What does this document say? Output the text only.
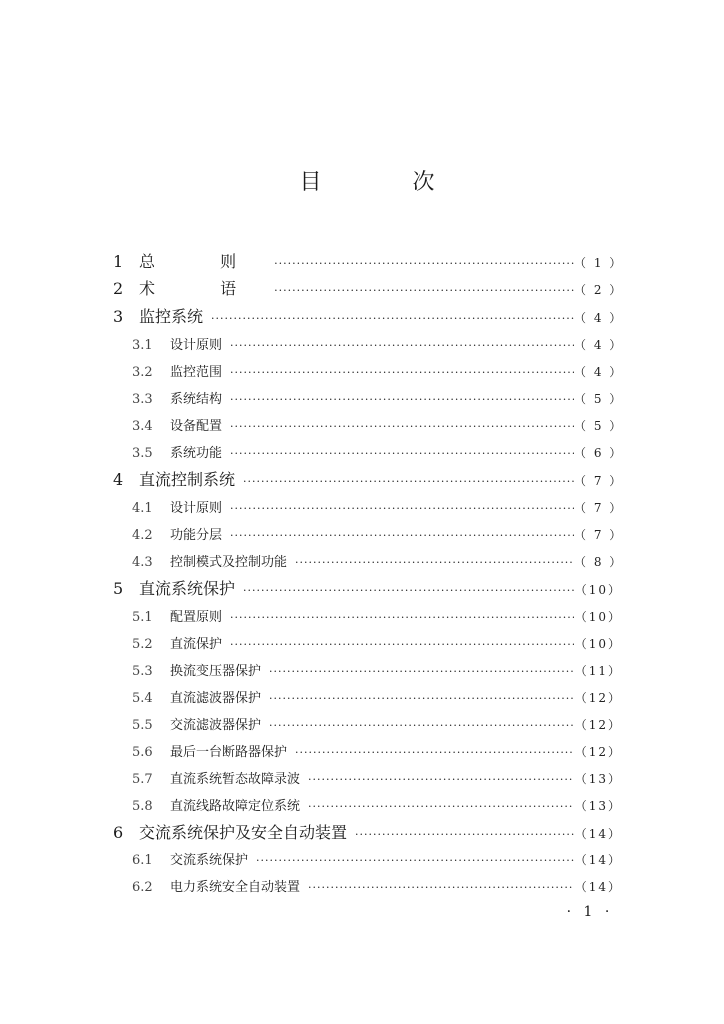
目 次
1 总 则 ·····	（ 1 ）
2 术 语 ·····	（ 2 ）
3 监控系统 ·····	（ 4 ）
3.1	设计原则 ·····	（ 4 ）
3.2	监控范围 ·····	（ 4 ）
3.3	系统结构 ·····	（ 5 ）
3.4	设备配置 ·····	（ 5 ）
3.5	系统功能 ·····	（ 6 ）
4 直流控制系统 ·····	（ 7 ）
4.1	设计原则 ·····	（ 7 ）
4.2	功能分层 ·····	（ 7 ）
4.3	控制模式及控制功能 ·····	（ 8 ）
5 直流系统保护 ·····	（10）
5.1	配置原则 ·····	（10）
5.2	直流保护 ·····	（10）
5.3	换流变压器保护 ·····	（11）
5.4	直流滤波器保护 ·····	（12）
5.5	交流滤波器保护 ·····	（12）
5.6	最后一台断路器保护 ·····	（12）
5.7	直流系统暂态故障录波 ·····	（13）
5.8	直流线路故障定位系统 ·····	（13）
6 交流系统保护及安全自动装置 ·····	（14）
6.1	交流系统保护 ·····	（14）
6.2	电力系统安全自动装置 ·····	（14）
· 1 ·
